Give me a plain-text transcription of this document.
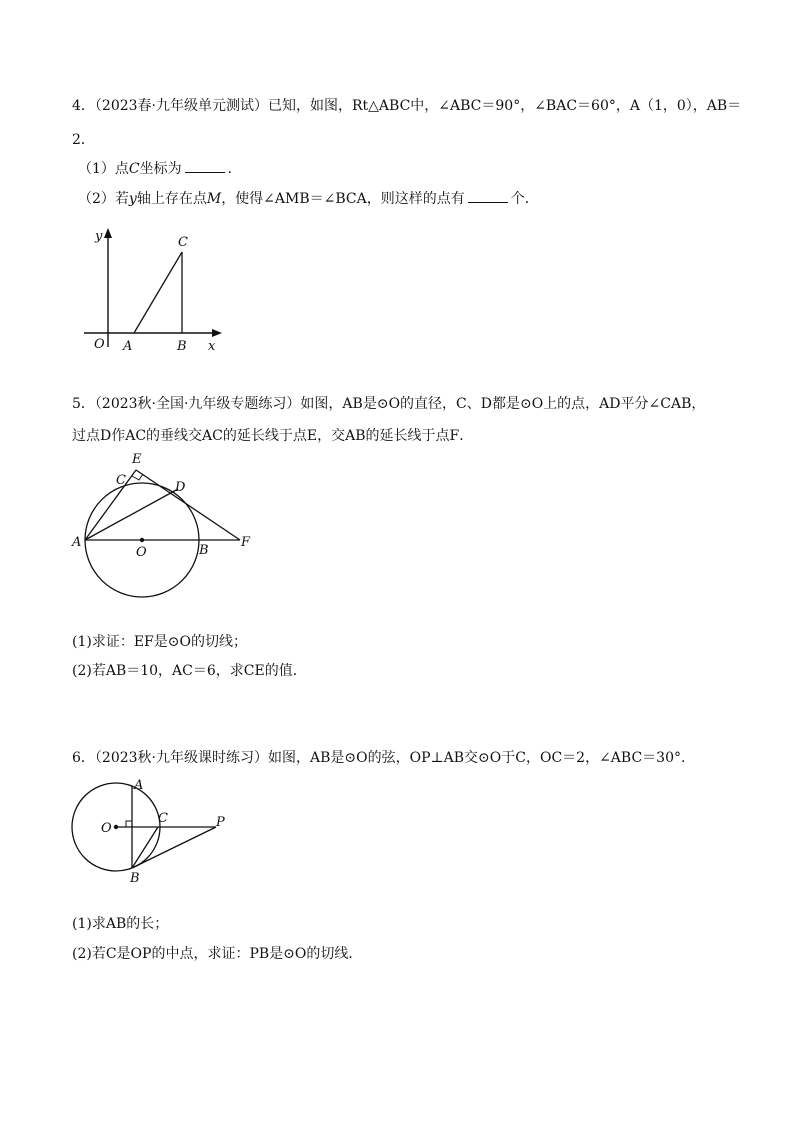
4．（2023春·九年级单元测试）已知，如图，Rt△ABC中，∠ABC＝90°，∠BAC＝60°，A（1，0），AB＝
2．
（1）点C坐标为	．
（2）若y轴上存在点M，使得∠AMB＝∠BCA，则这样的点有	个．
y	C
O A	B x
5．（2023秋·全国·九年级专题练习）如图，AB是⊙O的直径，C、D都是⊙O上的点，AD平分∠CAB，
过点D作AC的垂线交AC的延长线于点E，交AB的延长线于点F．
E
C	D
A
O	B
F
(1)求证：EF是⊙O的切线；
(2)若AB＝10，AC＝6，求CE的值．
6．（2023秋·九年级课时练习）如图，AB是⊙O的弦，OP⊥AB交⊙O于C，OC＝2，∠ABC＝30°．
A
O
C	P
B
(1)求AB的长；
(2)若C是OP的中点，求证：PB是⊙O的切线．
